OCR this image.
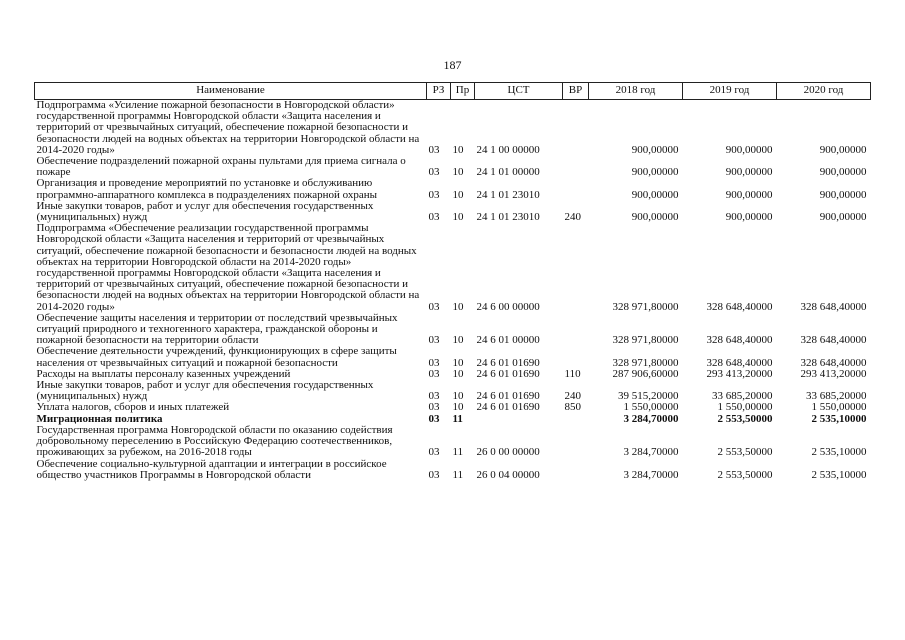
187
Наименование	РЗ	Пр	ЦСТ	ВР	2018 год	2019 год	2020 год
Подпрограмма «Усиление пожарной безопасности в Новгородской области» государственной программы Новгородской области «Защита населения и территорий от чрезвычайных ситуаций, обеспечение пожарной безопасности и безопасности людей на водных объектах на территории Новгородской области на 2014-2020 годы»	03	10	24 1 00 00000		900,00000	900,00000	900,00000
Обеспечение подразделений пожарной охраны пультами для приема сигнала о пожаре	03	10	24 1 01 00000		900,00000	900,00000	900,00000
Организация и проведение мероприятий по установке и обслуживанию программно-аппаратного комплекса в подразделениях пожарной охраны	03	10	24 1 01 23010		900,00000	900,00000	900,00000
Иные закупки товаров, работ и услуг для обеспечения государственных (муниципальных) нужд	03	10	24 1 01 23010	240	900,00000	900,00000	900,00000
Подпрограмма «Обеспечение реализации государственной программы Новгородской области «Защита населения и территорий от чрезвычайных ситуаций, обеспечение пожарной безопасности и безопасности людей на водных объектах на территории Новгородской области на 2014-2020 годы» государственной программы Новгородской области «Защита населения и территорий от чрезвычайных ситуаций, обеспечение пожарной безопасности и безопасности людей на водных объектах на территории Новгородской области на 2014-2020 годы»	03	10	24 6 00 00000		328 971,80000	328 648,40000	328 648,40000
Обеспечение защиты населения и территории от последствий чрезвычайных ситуаций природного и техногенного характера, гражданской обороны и пожарной безопасности на территории области	03	10	24 6 01 00000		328 971,80000	328 648,40000	328 648,40000
Обеспечение деятельности учреждений, функционирующих в сфере защиты населения от чрезвычайных ситуаций и пожарной безопасности	03	10	24 6 01 01690		328 971,80000	328 648,40000	328 648,40000
Расходы на выплаты персоналу казенных учреждений	03	10	24 6 01 01690	110	287 906,60000	293 413,20000	293 413,20000
Иные закупки товаров, работ и услуг для обеспечения государственных (муниципальных) нужд	03	10	24 6 01 01690	240	39 515,20000	33 685,20000	33 685,20000
Уплата налогов, сборов и иных платежей	03	10	24 6 01 01690	850	1 550,00000	1 550,00000	1 550,00000
Миграционная политика	03	11			3 284,70000	2 553,50000	2 535,10000
Государственная программа Новгородской области по оказанию содействия добровольному переселению в Российскую Федерацию соотечественников, проживающих за рубежом, на 2016-2018 годы	03	11	26 0 00 00000		3 284,70000	2 553,50000	2 535,10000
Обеспечение социально-культурной адаптации и интеграции в российское общество участников Программы в Новгородской области	03	11	26 0 04 00000		3 284,70000	2 553,50000	2 535,10000
